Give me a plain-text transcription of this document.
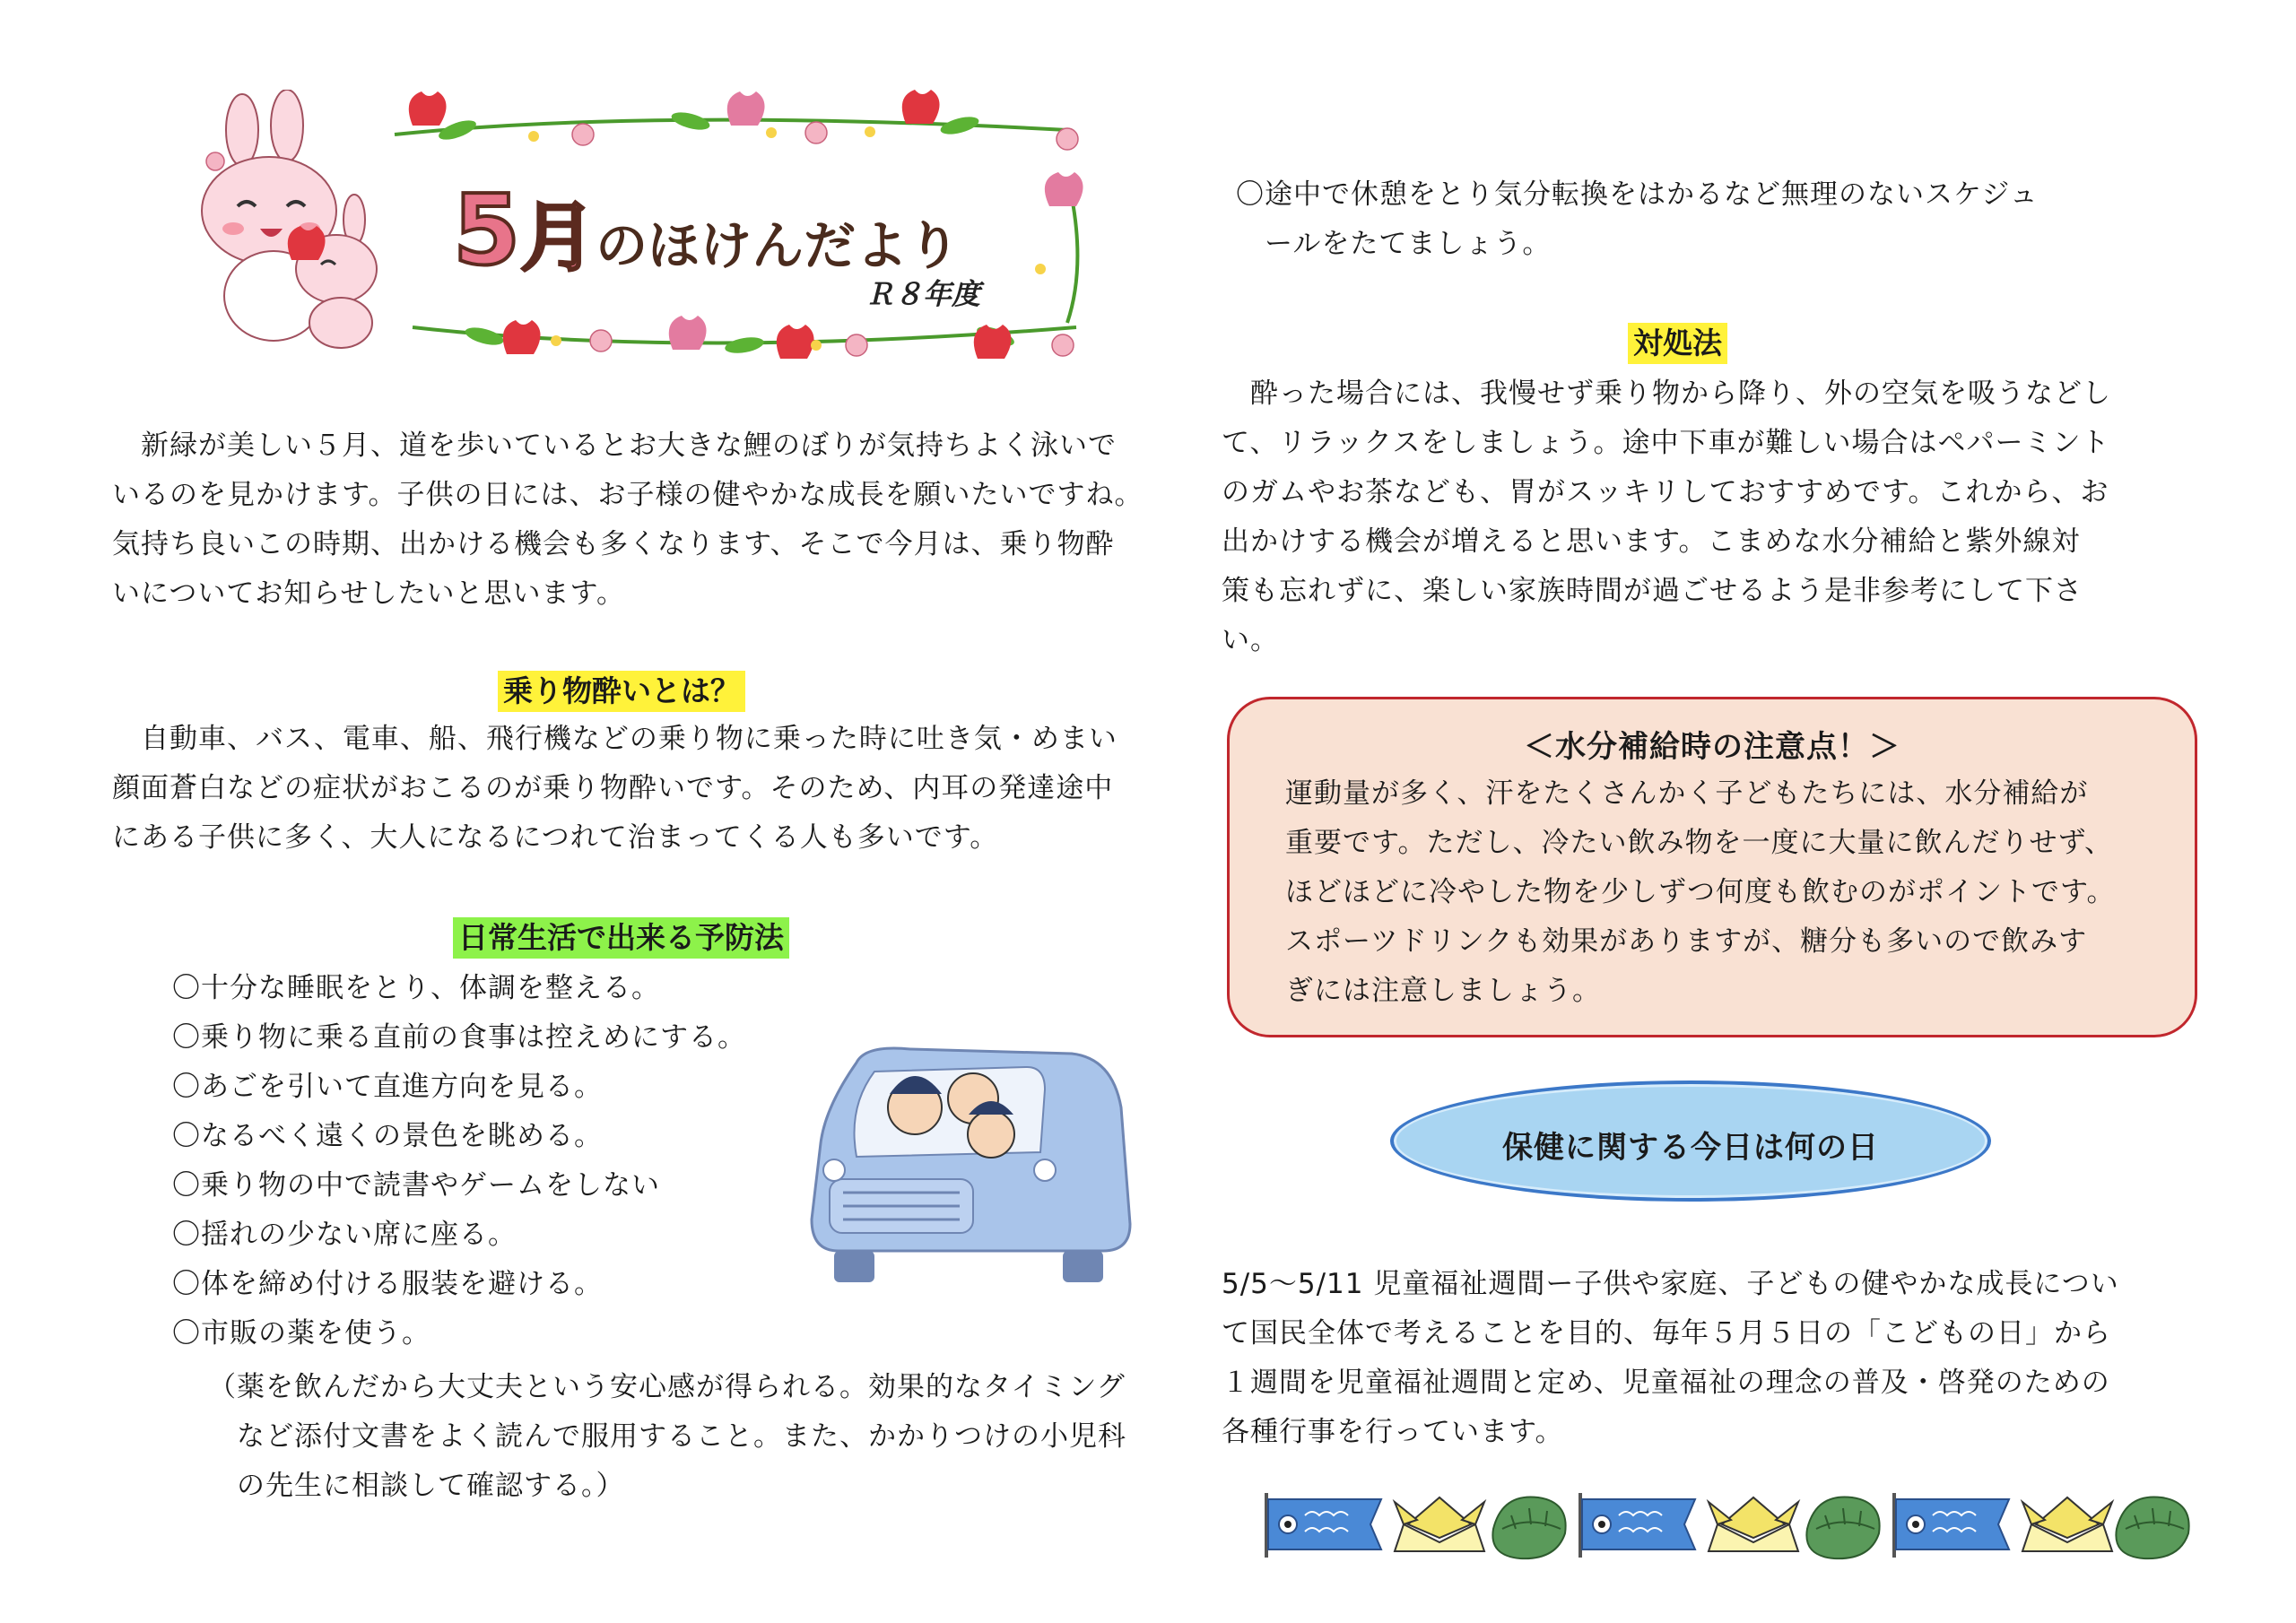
5月のほけんだより
Ｒ８年度

　新緑が美しい５月、道を歩いているとお大きな鯉のぼりが気持ちよく泳いで

いるのを見かけます。子供の日には、お子様の健やかな成長を願いたいですね。

気持ち良いこの時期、出かける機会も多くなります、そこで今月は、乗り物酔

いについてお知らせしたいと思います。

乗り物酔いとは？

　自動車、バス、電車、船、飛行機などの乗り物に乗った時に吐き気・めまい

顔面蒼白などの症状がおこるのが乗り物酔いです。そのため、内耳の発達途中

にある子供に多く、大人になるにつれて治まってくる人も多いです。

日常生活で出来る予防法
〇十分な睡眠をとり、体調を整える。
〇乗り物に乗る直前の食事は控えめにする。
〇あごを引いて直進方向を見る。
〇なるべく遠くの景色を眺める。
〇乗り物の中で読書やゲームをしない
〇揺れの少ない席に座る。
〇体を締め付ける服装を避ける。
〇市販の薬を使う。
（薬を飲んだから大丈夫という安心感が得られる。効果的なタイミング
　など添付文書をよく読んで服用すること。また、かかりつけの小児科
　の先生に相談して確認する。）
〇途中で休憩をとり気分転換をはかるなど無理のないスケジュ
　ールをたてましょう。
対処法

　酔った場合には、我慢せず乗り物から降り、外の空気を吸うなどし

て、リラックスをしましょう。途中下車が難しい場合はペパーミント

のガムやお茶なども、胃がスッキリしておすすめです。これから、お

出かけする機会が増えると思います。こまめな水分補給と紫外線対

策も忘れずに、楽しい家族時間が過ごせるよう是非参考にして下さ

い。

＜水分補給時の注意点！＞
運動量が多く、汗をたくさんかく子どもたちには、水分補給が
重要です。ただし、冷たい飲み物を一度に大量に飲んだりせず、
ほどほどに冷やした物を少しずつ何度も飲むのがポイントです。
スポーツドリンクも効果がありますが、糖分も多いので飲みす
ぎには注意しましょう。
保健に関する今日は何の日

5/5～5/11 児童福祉週間ー子供や家庭、子どもの健やかな成長につい

て国民全体で考えることを目的、毎年５月５日の「こどもの日」から

１週間を児童福祉週間と定め、児童福祉の理念の普及・啓発のための

各種行事を行っています。
